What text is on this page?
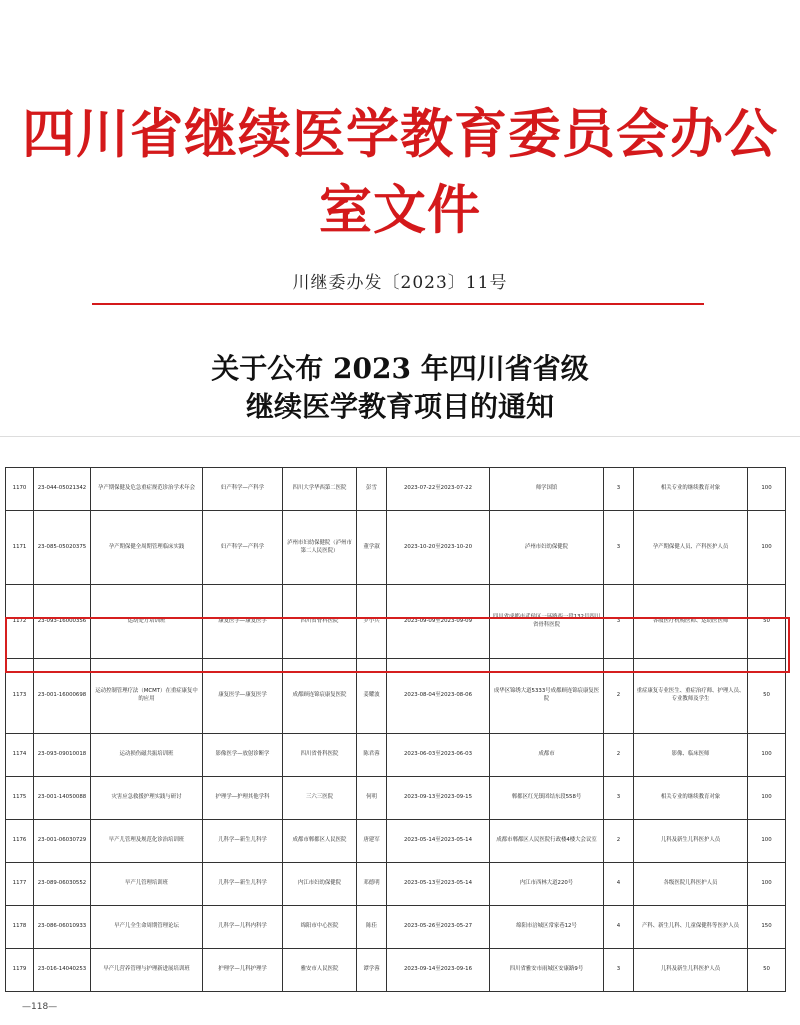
四川省继续医学教育委员会办公室文件
川继委办发〔2023〕11号
关于公布 2023 年四川省省级
继续医学教育项目的通知
1170	23-044-05021342	孕产期保健及危急重症规范诊治学术年会	妇产科学—产科学	四川大学华西第二医院	彭雪	2023-07-22至2023-07-22	师学国馆	3	相关专业的继续教育对象	100
1171	23-085-05020375	孕产期保健全周期管理临床实践	妇产科学—产科学	泸州市妇幼保健院（泸州市第二人民医院）	董学淑	2023-10-20至2023-10-20	泸州市妇幼保健院	3	孕产期保健人员、产科医护人员	100
1172	23-093-16000356	运动处方培训班	康复医学—康复医学	四川省骨科医院	罗小兵	2023-09-09至2023-09-09	四川省成都市武侯区一环路西一段132号四川省骨科医院	3	各级医疗机构医师、运动医医师	50
1173	23-001-16000698	运动控制管理疗法（MCMT）在重症康复中的应用	康复医学—康复医学	成都顾连锦宸康复医院	姜耀波	2023-08-04至2023-08-06	成华区锦绣大道5333号成都顾连锦宸康复医院	2	重症康复专业医生、重症治疗师、护理人员、专业教师及学生	50
1174	23-093-09010018	运动损伤磁共振培训班	影像医学—放射诊断学	四川省骨科医院	陈君蓉	2023-06-03至2023-06-03	成都市	2	影像、临床医师	100
1175	23-001-14050088	灾害应急救援护理实践与研讨	护理学—护理其他学科	三六三医院	何明	2023-09-13至2023-09-15	郫都区红光镇团结东段558号	3	相关专业的继续教育对象	100
1176	23-001-06030729	早产儿管理及规范化诊治培训班	儿科学—新生儿科学	成都市郫都区人民医院	唐建军	2023-05-14至2023-05-14	成都市郫都区人民医院行政楼4楼大会议室	2	儿科及新生儿科医护人员	100
1177	23-089-06030552	早产儿管理培训班	儿科学—新生儿科学	内江市妇幼保健院	邓德明	2023-05-13至2023-05-14	内江市西林大道220号	4	各级医院儿科医护人员	100
1178	23-086-06010933	早产儿全生命周期管理论坛	儿科学—儿科内科学	绵阳市中心医院	陈佳	2023-05-26至2023-05-27	绵阳市涪城区常家巷12号	4	产科、新生儿科、儿童保健科等医护人员	150
1179	23-016-14040253	早产儿营养管理与护理新进展培训班	护理学—儿科护理学	雅安市人民医院	谭学蓉	2023-09-14至2023-09-16	四川省雅安市雨城区安康路9号	3	儿科及新生儿科医护人员	50
—118—
